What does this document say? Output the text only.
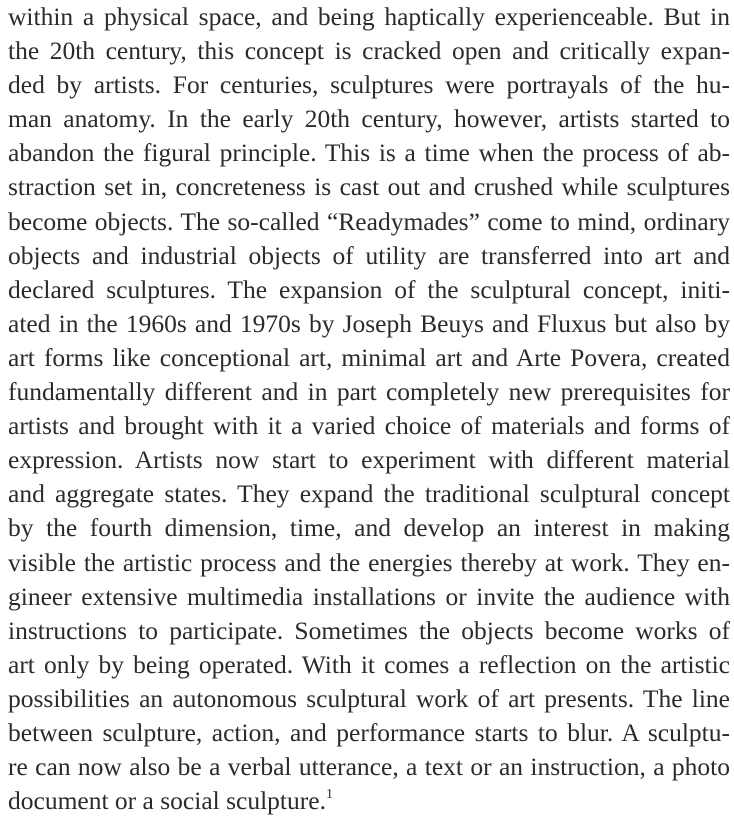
within a physical space, and being haptically experienceable. But in
the 20th century, this concept is cracked open and critically expan-
ded by artists. For centuries, sculptures were portrayals of the hu-
man anatomy. In the early 20th century, however, artists started to
abandon the figural principle. This is a time when the process of ab-
straction set in, concreteness is cast out and crushed while sculptures
become objects. The so-called “Readymades” come to mind, ordinary
objects and industrial objects of utility are transferred into art and
declared sculptures. The expansion of the sculptural concept, initi-
ated in the 1960s and 1970s by Joseph Beuys and Fluxus but also by
art forms like conceptional art, minimal art and Arte Povera, created
fundamentally different and in part completely new prerequisites for
artists and brought with it a varied choice of materials and forms of
expression. Artists now start to experiment with different material
and aggregate states. They expand the traditional sculptural concept
by the fourth dimension, time, and develop an interest in making
visible the artistic process and the energies thereby at work. They en-
gineer extensive multimedia installations or invite the audience with
instructions to participate. Sometimes the objects become works of
art only by being operated. With it comes a reflection on the artistic
possibilities an autonomous sculptural work of art presents. The line
between sculpture, action, and performance starts to blur. A sculptu-
re can now also be a verbal utterance, a text or an instruction, a photo
document or a social sculpture.$^1$
